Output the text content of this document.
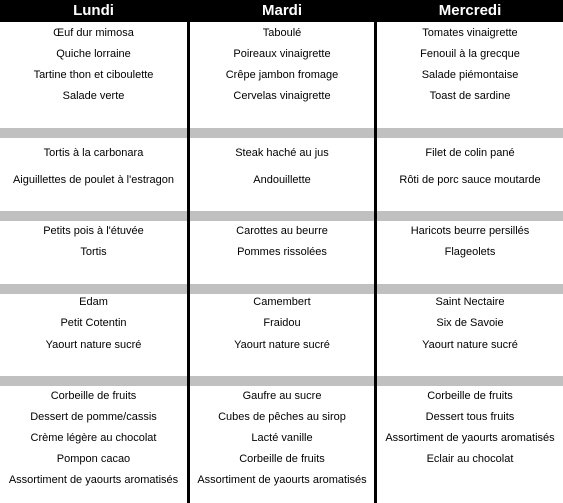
Lundi	Mardi	Mercredi
Œuf dur mimosa	Taboulé	Tomates vinaigrette
Quiche lorraine	Poireaux vinaigrette	Fenouil à la grecque
Tartine thon et ciboulette	Crêpe jambon fromage	Salade piémontaise
Salade verte	Cervelas vinaigrette	Toast de sardine
Tortis à la carbonara	Steak haché au jus	Filet de colin pané
Aiguillettes de poulet à l'estragon	Andouillette	Rôti de porc sauce moutarde
Petits pois à l'étuvée	Carottes au beurre	Haricots beurre persillés
Tortis	Pommes rissolées	Flageolets
Edam	Camembert	Saint Nectaire
Petit Cotentin	Fraidou	Six de Savoie
Yaourt nature sucré	Yaourt nature sucré	Yaourt nature sucré
Corbeille de fruits	Gaufre au sucre	Corbeille de fruits
Dessert de pomme/cassis	Cubes de pêches au sirop	Dessert tous fruits
Crème légère au chocolat	Lacté vanille	Assortiment de yaourts aromatisés
Pompon cacao	Corbeille de fruits	Eclair au chocolat
Assortiment de yaourts aromatisés	Assortiment de yaourts aromatisés
